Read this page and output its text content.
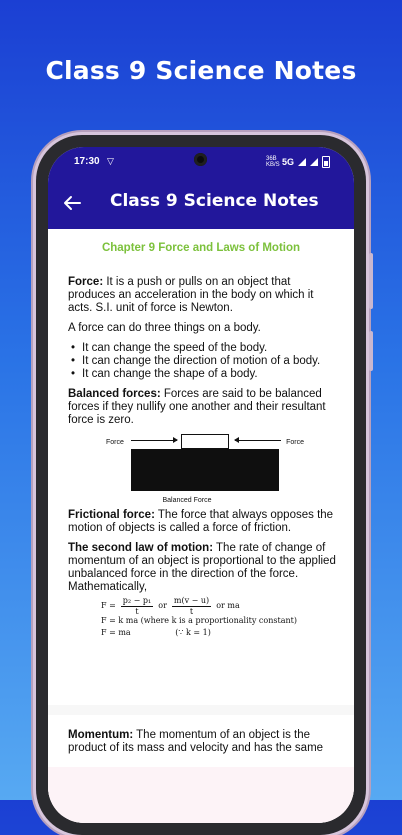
Class 9 Science Notes
17:30 ▽	36B KB/S 5G
Class 9 Science Notes
Chapter 9 Force and Laws of Motion

Force: It is a push or pulls on an object that produces an acceleration in the body on which it acts. S.I. unit of force is Newton.

A force can do three things on a body.

• It can change the speed of the body.
• It can change the direction of motion of a body.
• It can change the shape of a body.

Balanced forces: Forces are said to be balanced forces if they nullify one another and their resultant force is zero.

Force	Force
Balanced Force

Frictional force: The force that always opposes the motion of objects is called a force of friction.

The second law of motion: The rate of change of momentum of an object is proportional to the applied unbalanced force in the direction of the force. Mathematically,

$F = \frac{\text{p₂ − p₁}}{t}$ or $\frac{m(v - u)}{t}$ or ma
F = k ma (where k is a proportionality constant)
F = ma	(∵ k = 1)

Momentum: The momentum of an object is the product of its mass and velocity and has the same
